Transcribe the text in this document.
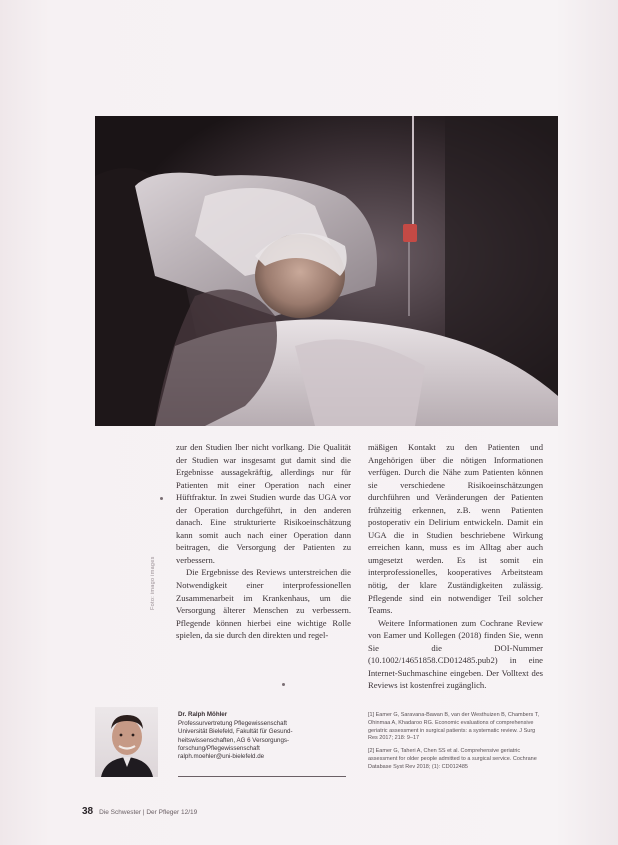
zur den Studien lber nicht vorlkang. Die Qualität der Studien war insgesamt gut damit sind die Ergebnisse aussagekräftig, allerdings nur für Patienten mit einer Operation nach einer Hüftfraktur. In zwei Studien wurde das UGA vor der Operation durchgeführt, in den anderen danach. Eine strukturierte Risikoeinschätzung kann somit auch nach einer Operation dann beitragen, die Versorgung der Patienten zu verbessern.

Die Ergebnisse des Reviews unterstreichen die Notwendigkeit einer interprofessionellen Zusammenarbeit im Krankenhaus, um die Versorgung älterer Menschen zu verbessern. Pflegende können hierbei eine wichtige Rolle spielen, da sie durch den direkten und regel-

mäßigen Kontakt zu den Patienten und Angehörigen über die nötigen Informationen verfügen. Durch die Nähe zum Patienten können sie verschiedene Risikoeinschätzungen durchführen und Veränderungen der Patienten frühzeitig erkennen, z.B. wenn Patienten postoperativ ein Delirium entwickeln. Damit ein UGA die in Studien beschriebene Wirkung erreichen kann, muss es im Alltag aber auch umgesetzt werden. Es ist somit ein interprofessionelles, kooperatives Arbeitsteam nötig, der klare Zuständigkeiten zulässig. Pflegende sind ein notwendiger Teil solcher Teams.

Weitere Informationen zum Cochrane Review von Eamer und Kollegen (2018) finden Sie, wenn Sie die DOI-Nummer (10.1002/14651858.CD012485.pub2) in eine Internet-Suchmaschine eingeben. Der Volltext des Reviews ist kostenfrei zugänglich.

Foto: imago images
Dr. Ralph Möhler
Professurvertretung Pflegewissenschaft
Universität Bielefeld, Fakultät für Gesund-
heitswissenschaften, AG 6 Versorgungs-
forschung/Pflegewissenschaft
ralph.moehler@uni-bielefeld.de

[1] Eamer G, Saravana-Bawan B, van der Westhuizen B, Chambers T, Ohinmaa A, Khadaroo RG. Economic evaluations of comprehensive geriatric assessment in surgical patients: a systematic review. J Surg Res 2017; 218: 9–17

[2] Eamer G, Taheri A, Chen SS et al. Comprehensive geriatric assessment for older people admitted to a surgical service. Cochrane Database Syst Rev 2018; (1): CD012485

38 Die Schwester | Der Pfleger 12/19
